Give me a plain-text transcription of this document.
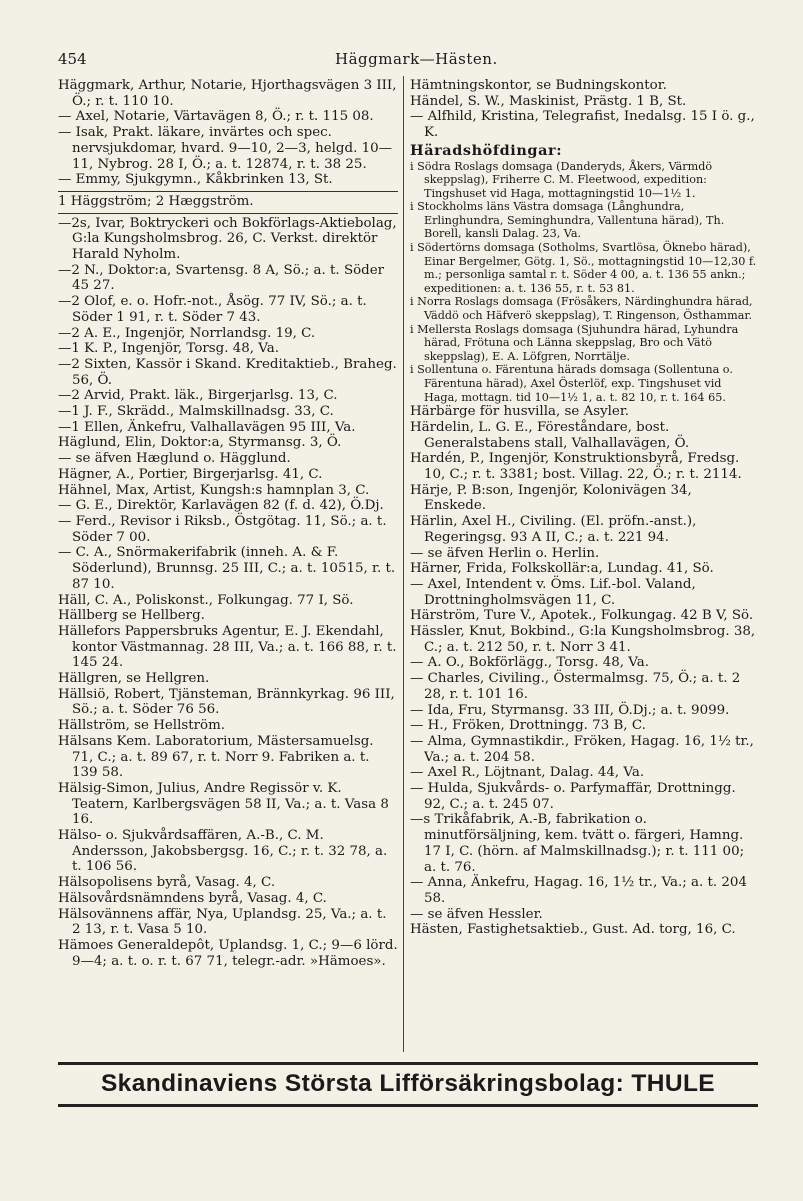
454	Häggmark—Hästen.

Häggmark, Arthur, Notarie, Hjorthagsvägen 3 III, Ö.; r. t. 110 10.

— Axel, Notarie, Värtavägen 8, Ö.; r. t. 115 08.

— Isak, Prakt. läkare, invärtes och spec. nervsjukdomar, hvard. 9—10, 2—3, helgd. 10—11, Nybrog. 28 I, Ö.; a. t. 12874, r. t. 38 25.

— Emmy, Sjukgymn., Kåkbrinken 13, St.

1 Häggström; 2 Hæggström.

—2s, Ivar, Boktryckeri och Bokförlags-Aktiebolag, G:la Kungsholmsbrog. 26, C. Verkst. direktör Harald Nyholm.

—2 N., Doktor:a, Svartensg. 8 A, Sö.; a. t. Söder 45 27.

—2 Olof, e. o. Hofr.-not., Åsög. 77 IV, Sö.; a. t. Söder 1 91, r. t. Söder 7 43.

—2 A. E., Ingenjör, Norrlandsg. 19, C.

—1 K. P., Ingenjör, Torsg. 48, Va.

—2 Sixten, Kassör i Skand. Kreditaktieb., Braheg. 56, Ö.

—2 Arvid, Prakt. läk., Birgerjarlsg. 13, C.

—1 J. F., Skrädd., Malmskillnadsg. 33, C.

—1 Ellen, Änkefru, Valhallavägen 95 III, Va.

Häglund, Elin, Doktor:a, Styrmansg. 3, Ö.

— se äfven Hæglund o. Hägglund.

Hägner, A., Portier, Birgerjarlsg. 41, C.

Hähnel, Max, Artist, Kungsh:s hamnplan 3, C.

— G. E., Direktör, Karlavägen 82 (f. d. 42), Ö.Dj.

— Ferd., Revisor i Riksb., Östgötag. 11, Sö.; a. t. Söder 7 00.

— C. A., Snörmakerifabrik (inneh. A. & F. Söderlund), Brunnsg. 25 III, C.; a. t. 10515, r. t. 87 10.

Häll, C. A., Poliskonst., Folkungag. 77 I, Sö.

Hällberg se Hellberg.

Hällefors Pappersbruks Agentur, E. J. Ekendahl, kontor Västmannag. 28 III, Va.; a. t. 166 88, r. t. 145 24.

Hällgren, se Hellgren.

Hällsiö, Robert, Tjänsteman, Brännkyrkag. 96 III, Sö.; a. t. Söder 76 56.

Hällström, se Hellström.

Hälsans Kem. Laboratorium, Mästersamuelsg. 71, C.; a. t. 89 67, r. t. Norr 9. Fabriken a. t. 139 58.

Hälsig-Simon, Julius, Andre Regissör v. K. Teatern, Karlbergsvägen 58 II, Va.; a. t. Vasa 8 16.

Hälso- o. Sjukvårdsaffären, A.-B., C. M. Andersson, Jakobsbergsg. 16, C.; r. t. 32 78, a. t. 106 56.

Hälsopolisens byrå, Vasag. 4, C.

Hälsovårdsnämndens byrå, Vasag. 4, C.

Hälsovännens affär, Nya, Uplandsg. 25, Va.; a. t. 2 13, r. t. Vasa 5 10.

Hämoes Generaldepôt, Uplandsg. 1, C.; 9—6 lörd. 9—4; a. t. o. r. t. 67 71, telegr.-adr. »Hämoes».

Hämtningskontor, se Budningskontor.

Händel, S. W., Maskinist, Prästg. 1 B, St.

— Alfhild, Kristina, Telegrafist, Inedalsg. 15 I ö. g., K.

Häradshöfdingar:

i Södra Roslags domsaga (Danderyds, Åkers, Värmdö skeppslag), Friherre C. M. Fleetwood, expedition: Tingshuset vid Haga, mottagningstid 10—1½ 1.

i Stockholms läns Västra domsaga (Långhundra, Erlinghundra, Seminghundra, Vallentuna härad), Th. Borell, kansli Dalag. 23, Va.

i Södertörns domsaga (Sotholms, Svartlösa, Öknebo härad), Einar Bergelmer, Götg. 1, Sö., mottagningstid 10—12,30 f. m.; personliga samtal r. t. Söder 4 00, a. t. 136 55 ankn.; expeditionen: a. t. 136 55, r. t. 53 81.

i Norra Roslags domsaga (Frösåkers, Närdinghundra härad, Väddö och Häfverö skeppslag), T. Ringenson, Östhammar.

i Mellersta Roslags domsaga (Sjuhundra härad, Lyhundra härad, Frötuna och Länna skeppslag, Bro och Vätö skeppslag), E. A. Löfgren, Norrtälje.

i Sollentuna o. Färentuna härads domsaga (Sollentuna o. Färentuna härad), Axel Österlöf, exp. Tingshuset vid Haga, mottagn. tid 10—1½ 1, a. t. 82 10, r. t. 164 65.

Härbärge för husvilla, se Asyler.

Härdelin, L. G. E., Föreståndare, bost. Generalstabens stall, Valhallavägen, Ö.

Hardén, P., Ingenjör, Konstruktionsbyrå, Fredsg. 10, C.; r. t. 3381; bost. Villag. 22, Ö.; r. t. 2114.

Härje, P. B:son, Ingenjör, Kolonivägen 34, Enskede.

Härlin, Axel H., Civiling. (El. pröfn.-anst.), Regeringsg. 93 A II, C.; a. t. 221 94.

— se äfven Herlin o. Herlin.

Härner, Frida, Folkskollär:a, Lundag. 41, Sö.

— Axel, Intendent v. Öms. Lif.-bol. Valand, Drottningholmsvägen 11, C.

Härström, Ture V., Apotek., Folkungag. 42 B V, Sö.

Hässler, Knut, Bokbind., G:la Kungsholmsbrog. 38, C.; a. t. 212 50, r. t. Norr 3 41.

— A. O., Bokförlägg., Torsg. 48, Va.

— Charles, Civiling., Östermalmsg. 75, Ö.; a. t. 2 28, r. t. 101 16.

— Ida, Fru, Styrmansg. 33 III, Ö.Dj.; a. t. 9099.

— H., Fröken, Drottningg. 73 B, C.

— Alma, Gymnastikdir., Fröken, Hagag. 16, 1½ tr., Va.; a. t. 204 58.

— Axel R., Löjtnant, Dalag. 44, Va.

— Hulda, Sjukvårds- o. Parfymaffär, Drottningg. 92, C.; a. t. 245 07.

—s Trikåfabrik, A.-B, fabrikation o. minutförsäljning, kem. tvätt o. färgeri, Hamng. 17 I, C. (hörn. af Malmskillnadsg.); r. t. 111 00; a. t. 76.

— Anna, Änkefru, Hagag. 16, 1½ tr., Va.; a. t. 204 58.

— se äfven Hessler.

Hästen, Fastighetsaktieb., Gust. Ad. torg, 16, C.

Skandinaviens Största Lifförsäkringsbolag: THULE
